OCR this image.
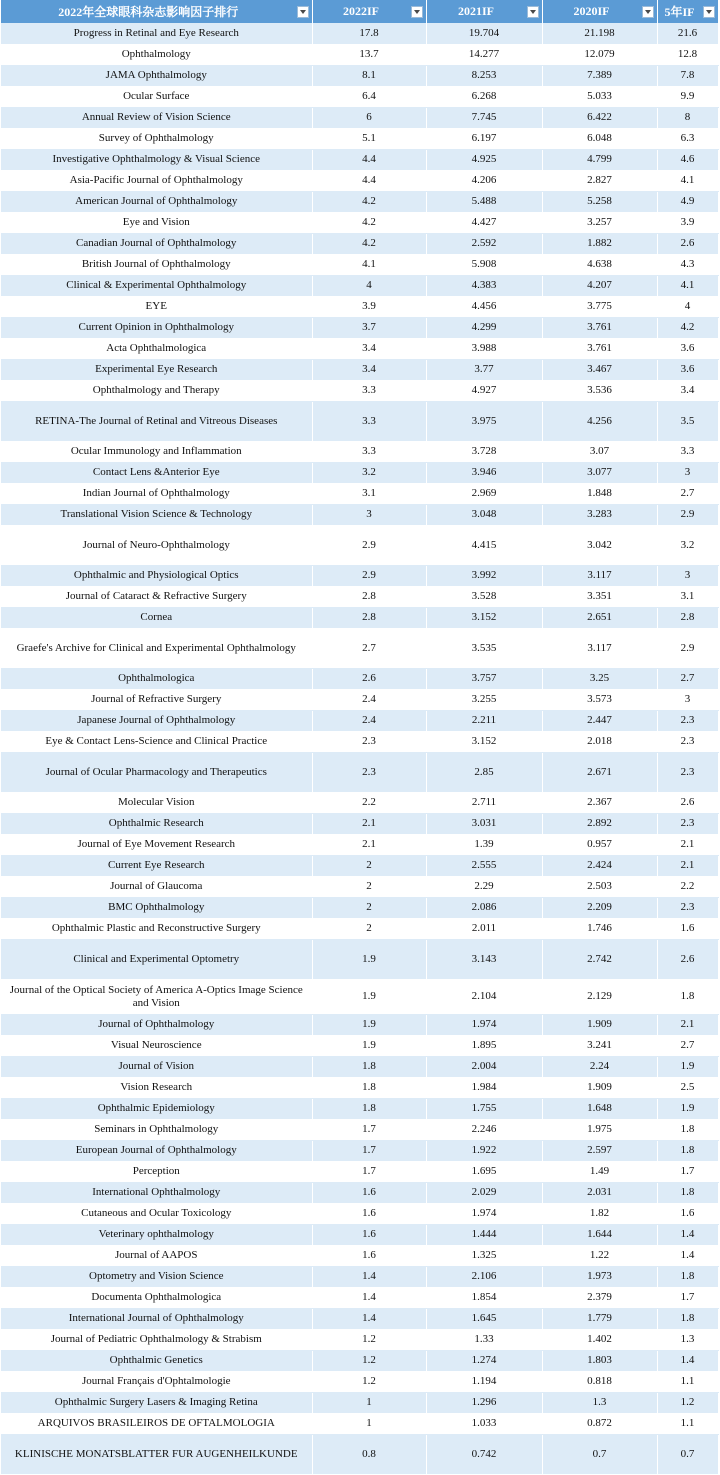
2022年全球眼科杂志影响因子排行	2022IF	2021IF	2020IF	5年IF

Progress in Retinal and Eye Research	17.8	19.704	21.198	21.6
Ophthalmology	13.7	14.277	12.079	12.8
JAMA Ophthalmology	8.1	8.253	7.389	7.8
Ocular Surface	6.4	6.268	5.033	9.9
Annual Review of Vision Science	6	7.745	6.422	8
Survey of Ophthalmology	5.1	6.197	6.048	6.3
Investigative Ophthalmology & Visual Science	4.4	4.925	4.799	4.6
Asia-Pacific Journal of Ophthalmology	4.4	4.206	2.827	4.1
American Journal of Ophthalmology	4.2	5.488	5.258	4.9
Eye and Vision	4.2	4.427	3.257	3.9
Canadian Journal of Ophthalmology	4.2	2.592	1.882	2.6
British Journal of Ophthalmology	4.1	5.908	4.638	4.3
Clinical & Experimental Ophthalmology	4	4.383	4.207	4.1
EYE	3.9	4.456	3.775	4
Current Opinion in Ophthalmology	3.7	4.299	3.761	4.2
Acta Ophthalmologica	3.4	3.988	3.761	3.6
Experimental Eye Research	3.4	3.77	3.467	3.6
Ophthalmology and Therapy	3.3	4.927	3.536	3.4
RETINA-The Journal of Retinal and Vitreous Diseases	3.3	3.975	4.256	3.5
Ocular Immunology and Inflammation	3.3	3.728	3.07	3.3
Contact Lens &Anterior Eye	3.2	3.946	3.077	3
Indian Journal of Ophthalmology	3.1	2.969	1.848	2.7
Translational Vision Science & Technology	3	3.048	3.283	2.9
Journal of Neuro-Ophthalmology	2.9	4.415	3.042	3.2
Ophthalmic and Physiological Optics	2.9	3.992	3.117	3
Journal of Cataract & Refractive Surgery	2.8	3.528	3.351	3.1
Cornea	2.8	3.152	2.651	2.8
Graefe's Archive for Clinical and Experimental Ophthalmology	2.7	3.535	3.117	2.9
Ophthalmologica	2.6	3.757	3.25	2.7
Journal of Refractive Surgery	2.4	3.255	3.573	3
Japanese Journal of Ophthalmology	2.4	2.211	2.447	2.3
Eye & Contact Lens-Science and Clinical Practice	2.3	3.152	2.018	2.3
Journal of Ocular Pharmacology and Therapeutics	2.3	2.85	2.671	2.3
Molecular Vision	2.2	2.711	2.367	2.6
Ophthalmic Research	2.1	3.031	2.892	2.3
Journal of Eye Movement Research	2.1	1.39	0.957	2.1
Current Eye Research	2	2.555	2.424	2.1
Journal of Glaucoma	2	2.29	2.503	2.2
BMC Ophthalmology	2	2.086	2.209	2.3
Ophthalmic Plastic and Reconstructive Surgery	2	2.011	1.746	1.6
Clinical and Experimental Optometry	1.9	3.143	2.742	2.6
Journal of the Optical Society of America A-Optics Image Science and Vision	1.9	2.104	2.129	1.8
Journal of Ophthalmology	1.9	1.974	1.909	2.1
Visual Neuroscience	1.9	1.895	3.241	2.7
Journal of Vision	1.8	2.004	2.24	1.9
Vision Research	1.8	1.984	1.909	2.5
Ophthalmic Epidemiology	1.8	1.755	1.648	1.9
Seminars in Ophthalmology	1.7	2.246	1.975	1.8
European Journal of Ophthalmology	1.7	1.922	2.597	1.8
Perception	1.7	1.695	1.49	1.7
International Ophthalmology	1.6	2.029	2.031	1.8
Cutaneous and Ocular Toxicology	1.6	1.974	1.82	1.6
Veterinary ophthalmology	1.6	1.444	1.644	1.4
Journal of AAPOS	1.6	1.325	1.22	1.4
Optometry and Vision Science	1.4	2.106	1.973	1.8
Documenta Ophthalmologica	1.4	1.854	2.379	1.7
International Journal of Ophthalmology	1.4	1.645	1.779	1.8
Journal of Pediatric Ophthalmology & Strabism	1.2	1.33	1.402	1.3
Ophthalmic Genetics	1.2	1.274	1.803	1.4
Journal Français d'Ophtalmologie	1.2	1.194	0.818	1.1
Ophthalmic Surgery Lasers & Imaging Retina	1	1.296	1.3	1.2
ARQUIVOS BRASILEIROS DE OFTALMOLOGIA	1	1.033	0.872	1.1
KLINISCHE MONATSBLATTER FUR AUGENHEILKUNDE	0.8	0.742	0.7	0.7
